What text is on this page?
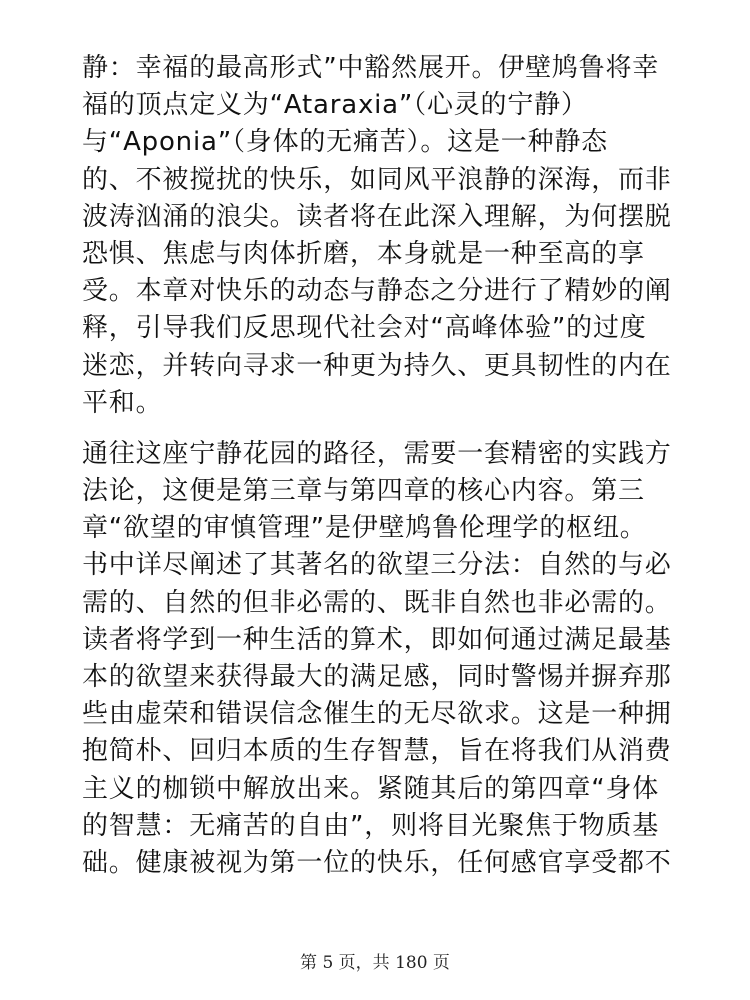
静：幸福的最高形式”中豁然展开。伊壁鸠鲁将幸
福的顶点定义为“Ataraxia”（心灵的宁静）
与“Aponia”（身体的无痛苦）。这是一种静态
的、不被搅扰的快乐，如同风平浪静的深海，而非
波涛汹涌的浪尖。读者将在此深入理解，为何摆脱
恐惧、焦虑与肉体折磨，本身就是一种至高的享
受。本章对快乐的动态与静态之分进行了精妙的阐
释，引导我们反思现代社会对“高峰体验”的过度
迷恋，并转向寻求一种更为持久、更具韧性的内在
平和。
通往这座宁静花园的路径，需要一套精密的实践方
法论，这便是第三章与第四章的核心内容。第三
章“欲望的审慎管理”是伊壁鸠鲁伦理学的枢纽。
书中详尽阐述了其著名的欲望三分法：自然的与必
需的、自然的但非必需的、既非自然也非必需的。
读者将学到一种生活的算术，即如何通过满足最基
本的欲望来获得最大的满足感，同时警惕并摒弃那
些由虚荣和错误信念催生的无尽欲求。这是一种拥
抱简朴、回归本质的生存智慧，旨在将我们从消费
主义的枷锁中解放出来。紧随其后的第四章“身体
的智慧：无痛苦的自由”，则将目光聚焦于物质基
础。健康被视为第一位的快乐，任何感官享受都不
第 5 页，共 180 页
